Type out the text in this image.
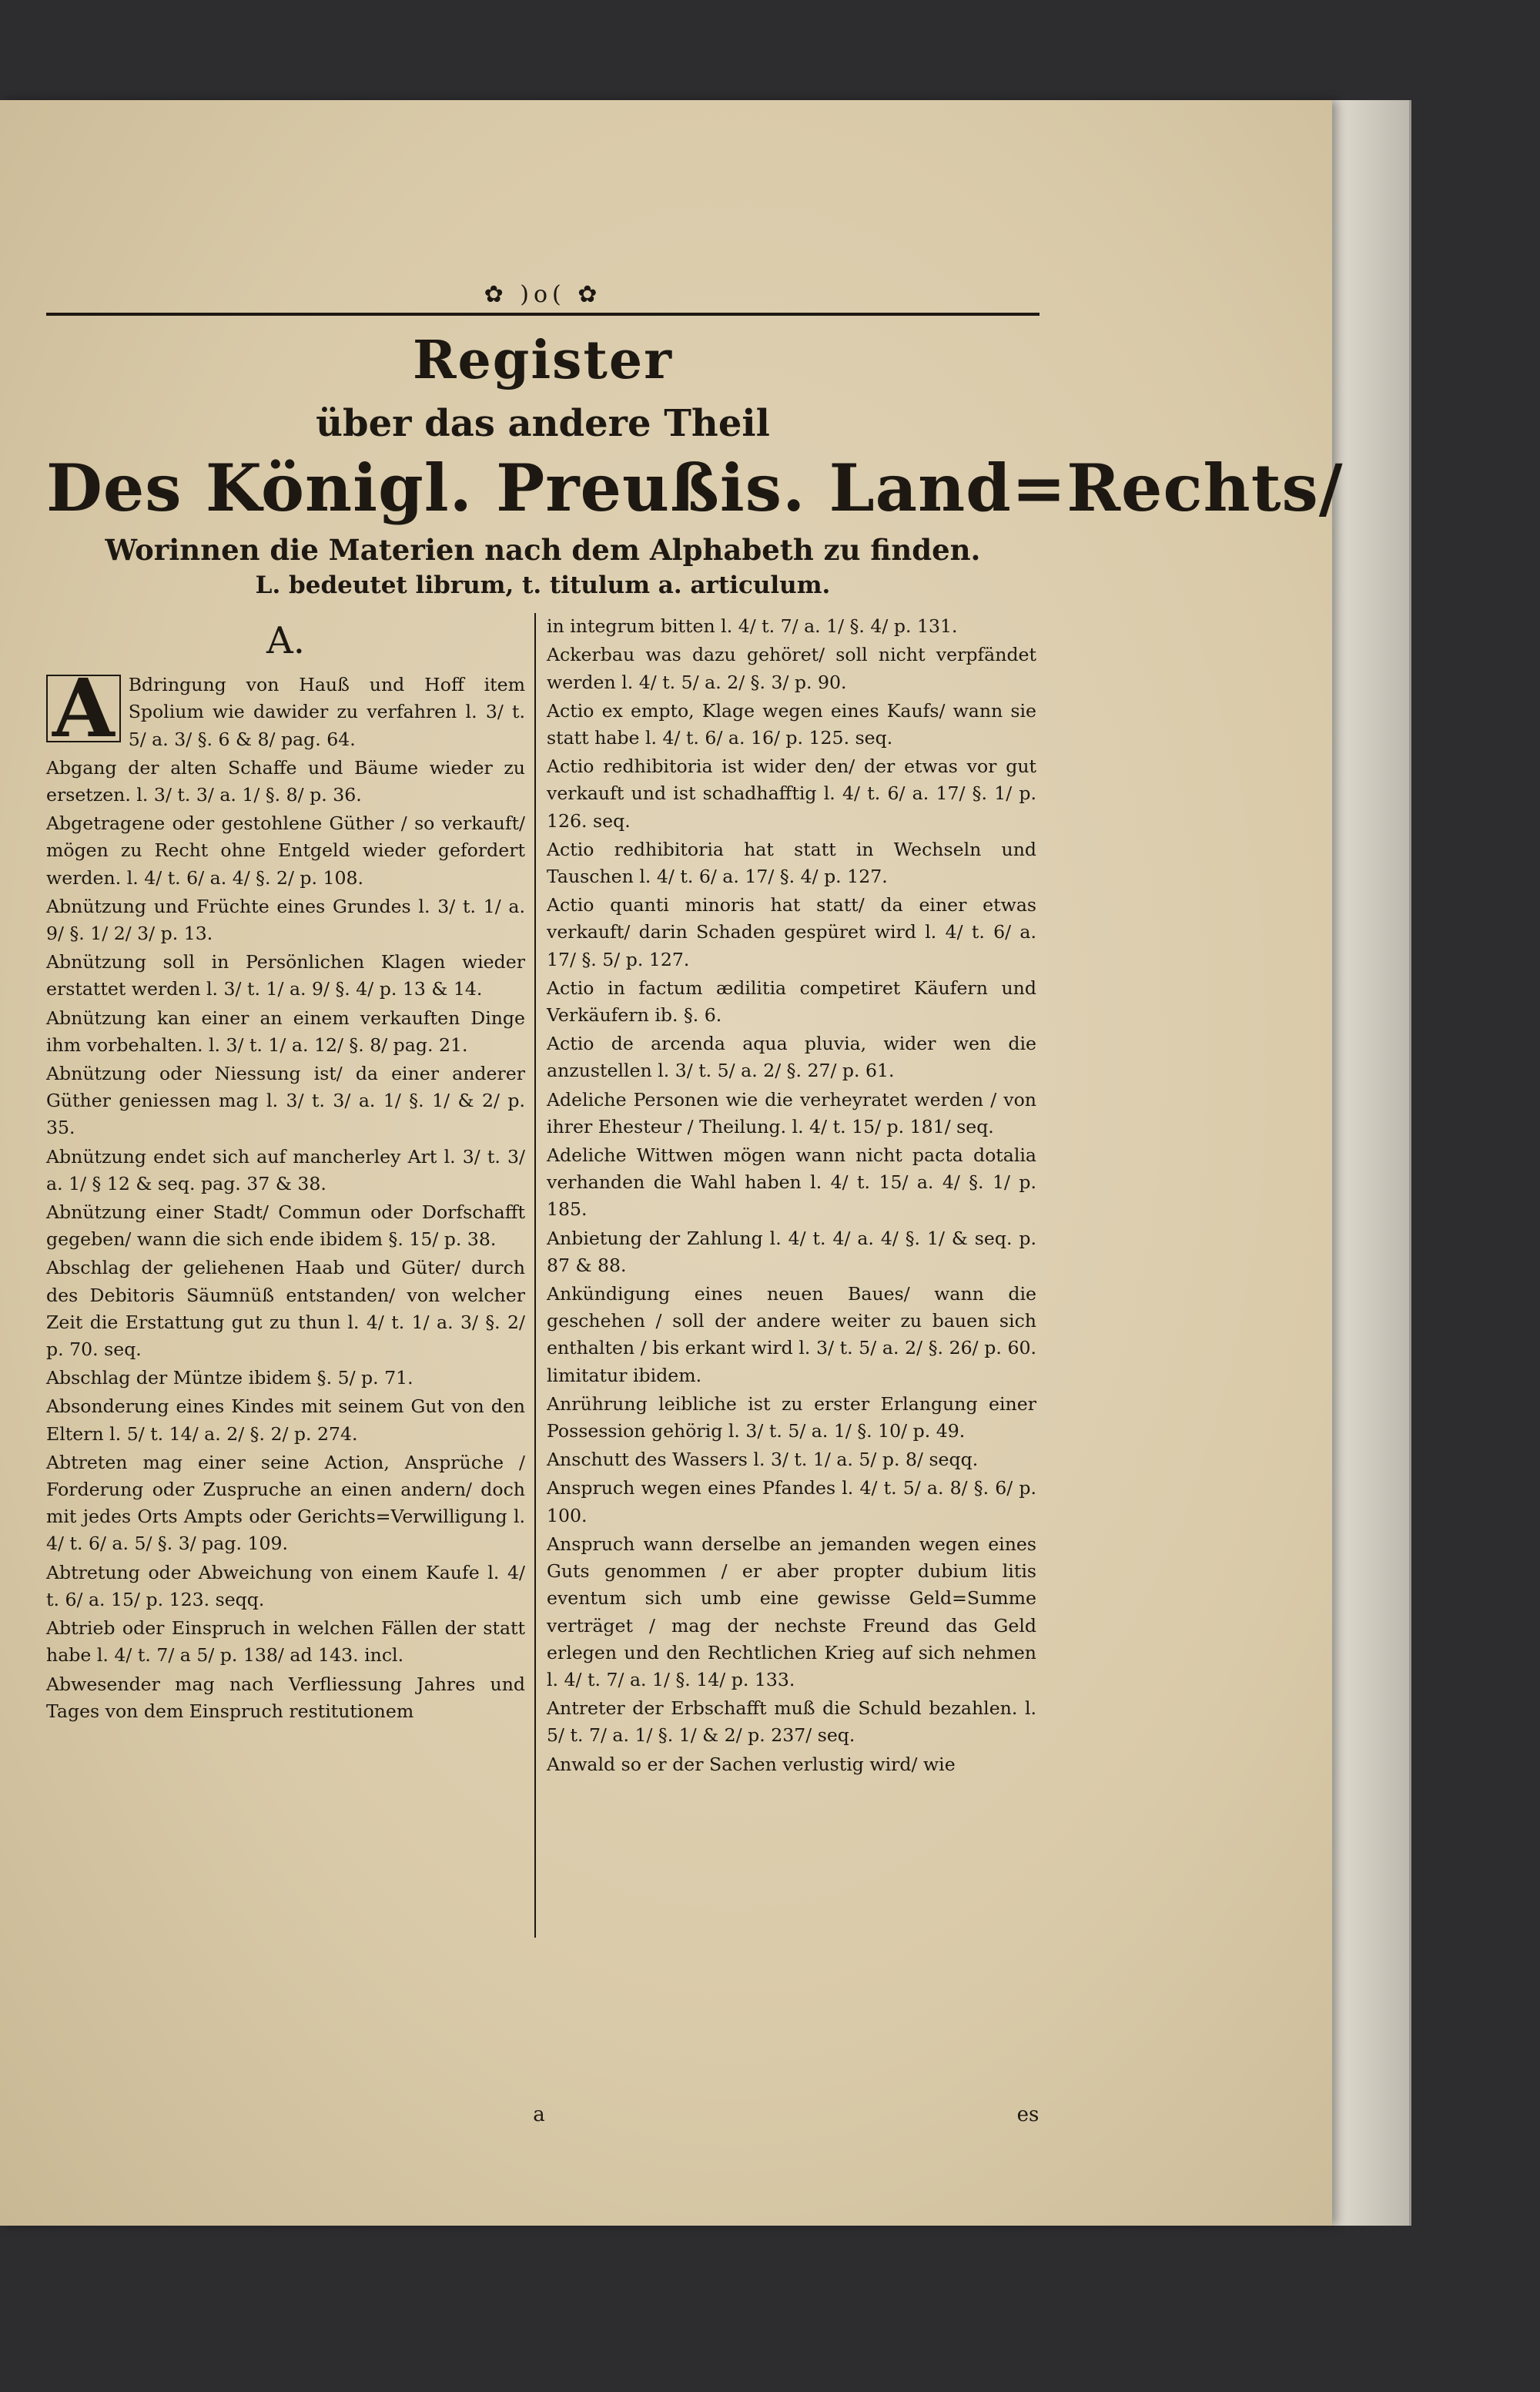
✿ )o( ✿
Register
über das andere Theil
Des Königl. Preußis. Land=Rechts/
Worinnen die Materien nach dem Alphabeth zu finden.
L. bedeutet librum, t. titulum a. articulum.
A.

A Bdringung von Hauß und Hoff item Spolium wie dawider zu verfahren l. 3/ t. 5/ a. 3/ §. 6 & 8/ pag. 64.

Abgang der alten Schaffe und Bäume wieder zu ersetzen. l. 3/ t. 3/ a. 1/ §. 8/ p. 36.

Abgetragene oder gestohlene Güther / so verkauft/ mögen zu Recht ohne Entgeld wieder gefordert werden. l. 4/ t. 6/ a. 4/ §. 2/ p. 108.

Abnützung und Früchte eines Grundes l. 3/ t. 1/ a. 9/ §. 1/ 2/ 3/ p. 13.

Abnützung soll in Persönlichen Klagen wieder erstattet werden l. 3/ t. 1/ a. 9/ §. 4/ p. 13 & 14.

Abnützung kan einer an einem verkauften Dinge ihm vorbehalten. l. 3/ t. 1/ a. 12/ §. 8/ pag. 21.

Abnützung oder Niessung ist/ da einer anderer Güther geniessen mag l. 3/ t. 3/ a. 1/ §. 1/ & 2/ p. 35.

Abnützung endet sich auf mancherley Art l. 3/ t. 3/ a. 1/ § 12 & seq. pag. 37 & 38.

Abnützung einer Stadt/ Commun oder Dorfschafft gegeben/ wann die sich ende ibidem §. 15/ p. 38.

Abschlag der geliehenen Haab und Güter/ durch des Debitoris Säumnüß entstanden/ von welcher Zeit die Erstattung gut zu thun l. 4/ t. 1/ a. 3/ §. 2/ p. 70. seq.

Abschlag der Müntze ibidem §. 5/ p. 71.

Absonderung eines Kindes mit seinem Gut von den Eltern l. 5/ t. 14/ a. 2/ §. 2/ p. 274.

Abtreten mag einer seine Action, Ansprüche / Forderung oder Zuspruche an einen andern/ doch mit jedes Orts Ampts oder Gerichts=Verwilligung l. 4/ t. 6/ a. 5/ §. 3/ pag. 109.

Abtretung oder Abweichung von einem Kaufe l. 4/ t. 6/ a. 15/ p. 123. seqq.

Abtrieb oder Einspruch in welchen Fällen der statt habe l. 4/ t. 7/ a 5/ p. 138/ ad 143. incl.

Abwesender mag nach Verfliessung Jahres und Tages von dem Einspruch restitutionem

in integrum bitten l. 4/ t. 7/ a. 1/ §. 4/ p. 131.

Ackerbau was dazu gehöret/ soll nicht verpfändet werden l. 4/ t. 5/ a. 2/ §. 3/ p. 90.

Actio ex empto, Klage wegen eines Kaufs/ wann sie statt habe l. 4/ t. 6/ a. 16/ p. 125. seq.

Actio redhibitoria ist wider den/ der etwas vor gut verkauft und ist schadhafftig l. 4/ t. 6/ a. 17/ §. 1/ p. 126. seq.

Actio redhibitoria hat statt in Wechseln und Tauschen l. 4/ t. 6/ a. 17/ §. 4/ p. 127.

Actio quanti minoris hat statt/ da einer etwas verkauft/ darin Schaden gespüret wird l. 4/ t. 6/ a. 17/ §. 5/ p. 127.

Actio in factum ædilitia competiret Käufern und Verkäufern ib. §. 6.

Actio de arcenda aqua pluvia, wider wen die anzustellen l. 3/ t. 5/ a. 2/ §. 27/ p. 61.

Adeliche Personen wie die verheyratet werden / von ihrer Ehesteur / Theilung. l. 4/ t. 15/ p. 181/ seq.

Adeliche Wittwen mögen wann nicht pacta dotalia verhanden die Wahl haben l. 4/ t. 15/ a. 4/ §. 1/ p. 185.

Anbietung der Zahlung l. 4/ t. 4/ a. 4/ §. 1/ & seq. p. 87 & 88.

Ankündigung eines neuen Baues/ wann die geschehen / soll der andere weiter zu bauen sich enthalten / bis erkant wird l. 3/ t. 5/ a. 2/ §. 26/ p. 60. limitatur ibidem.

Anrührung leibliche ist zu erster Erlangung einer Possession gehörig l. 3/ t. 5/ a. 1/ §. 10/ p. 49.

Anschutt des Wassers l. 3/ t. 1/ a. 5/ p. 8/ seqq.

Anspruch wegen eines Pfandes l. 4/ t. 5/ a. 8/ §. 6/ p. 100.

Anspruch wann derselbe an jemanden wegen eines Guts genommen / er aber propter dubium litis eventum sich umb eine gewisse Geld=Summe verträget / mag der nechste Freund das Geld erlegen und den Rechtlichen Krieg auf sich nehmen l. 4/ t. 7/ a. 1/ §. 14/ p. 133.

Antreter der Erbschafft muß die Schuld bezahlen. l. 5/ t. 7/ a. 1/ §. 1/ & 2/ p. 237/ seq.

Anwald so er der Sachen verlustig wird/ wie

a	es
